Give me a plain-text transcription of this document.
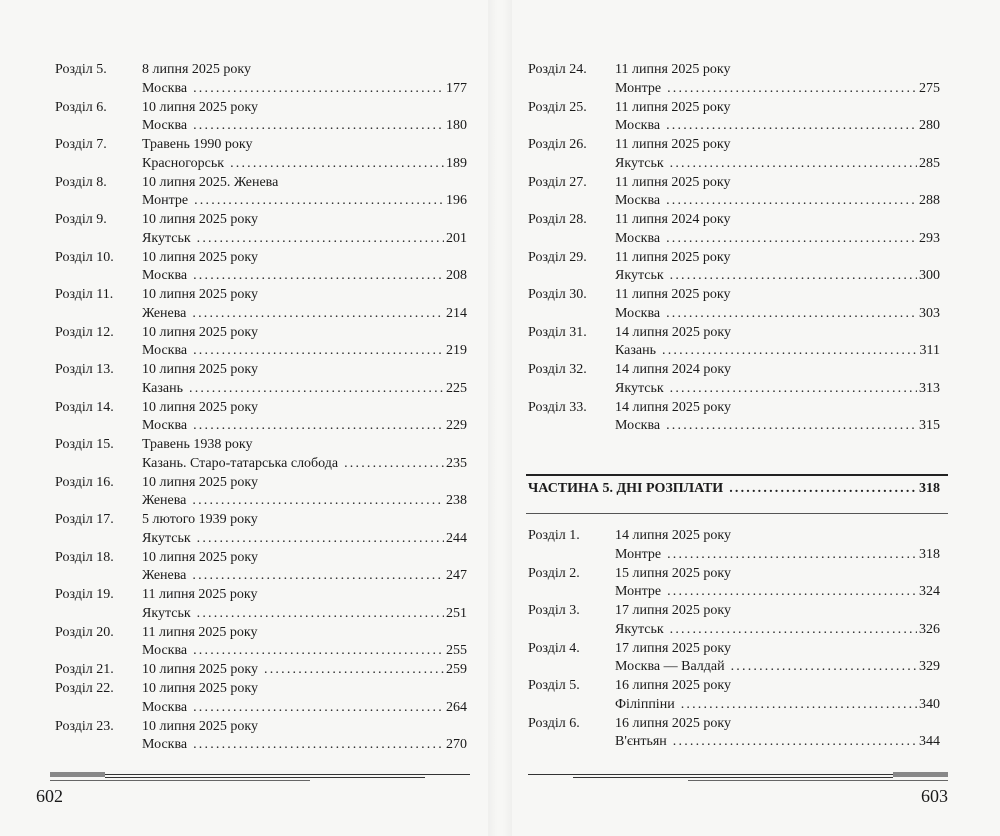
Розділ 5.	8 липня 2025 року
Москва .....	177
Розділ 6.	10 липня 2025 року
Москва .....	180
Розділ 7.	Травень 1990 року
Красногорськ .....	189
Розділ 8.	10 липня 2025. Женева
Монтре .....	196
Розділ 9.	10 липня 2025 року
Якутськ .....	201
Розділ 10.	10 липня 2025 року
Москва .....	208
Розділ 11.	10 липня 2025 року
Женева .....	214
Розділ 12.	10 липня 2025 року
Москва .....	219
Розділ 13.	10 липня 2025 року
Казань .....	225
Розділ 14.	10 липня 2025 року
Москва .....	229
Розділ 15.	Травень 1938 року
Казань. Старо-татарська слобода .....	235
Розділ 16.	10 липня 2025 року
Женева .....	238
Розділ 17.	5 лютого 1939 року
Якутськ .....	244
Розділ 18.	10 липня 2025 року
Женева .....	247
Розділ 19.	11 липня 2025 року
Якутськ .....	251
Розділ 20.	11 липня 2025 року
Москва .....	255
Розділ 21.	10 липня 2025 року .....	259
Розділ 22.	10 липня 2025 року
Москва .....	264
Розділ 23.	10 липня 2025 року
Москва .....	270
602
Розділ 24.	11 липня 2025 року
Монтре .....	275
Розділ 25.	11 липня 2025 року
Москва .....	280
Розділ 26.	11 липня 2025 року
Якутськ .....	285
Розділ 27.	11 липня 2025 року
Москва .....	288
Розділ 28.	11 липня 2024 року
Москва .....	293
Розділ 29.	11 липня 2025 року
Якутськ .....	300
Розділ 30.	11 липня 2025 року
Москва .....	303
Розділ 31.	14 липня 2025 року
Казань .....	311
Розділ 32.	14 липня 2024 року
Якутськ .....	313
Розділ 33.	14 липня 2025 року
Москва .....	315
ЧАСТИНА 5. ДНІ РОЗПЛАТИ .....	318
Розділ 1.	14 липня 2025 року
Монтре .....	318
Розділ 2.	15 липня 2025 року
Монтре .....	324
Розділ 3.	17 липня 2025 року
Якутськ .....	326
Розділ 4.	17 липня 2025 року
Москва — Валдай .....	329
Розділ 5.	16 липня 2025 року
Філіппіни .....	340
Розділ 6.	16 липня 2025 року
В'єнтьян .....	344
603
